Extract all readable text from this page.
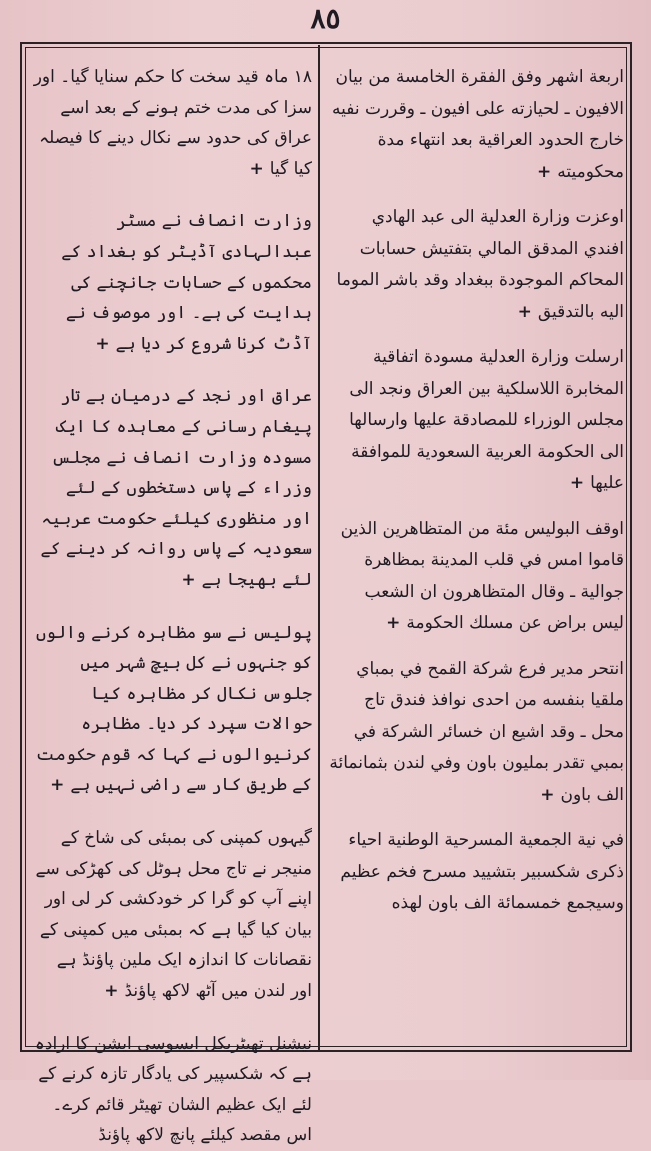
٨٥

۱۸ ماہ قید سخت کا حکم سنایا گیا۔ اور سزا کی مدت ختم ہونے کے بعد اسے عراق کی حدود سے نکال دینے کا فیصلہ کیا گیا+

وزارت انصاف نے مسٹر عبدالہادی آڈیٹر کو بغداد کے محکموں کے حسابات جانچنے کی ہدایت کی ہے۔ اور موصوف نے آڈٹ کرنا شروع کر دیا ہے+

عراق اور نجد کے درمیان بے تار پیغام رسانی کے معاہدہ کا ایک مسودہ وزارت انصاف نے مجلس وزراء کے پاس دستخطوں کے لئے اور منظوری کیلئے حکومت عربیہ سعودیہ کے پاس روانہ کر دینے کے لئے بھیجا ہے+

پولیس نے سو مظاہرہ کرنے والوں کو جنہوں نے کل بیچ شہر میں جلوس نکال کر مظاہرہ کیا حوالات سپرد کر دیا۔ مظاہرہ کرنیوالوں نے کہا کہ قوم حکومت کے طریق کار سے راضی نہیں ہے+

گیہوں کمپنی کی بمبئی کی شاخ کے منیجر نے تاج محل ہوٹل کی کھڑکی سے اپنے آپ کو گرا کر خودکشی کر لی اور بیان کیا گیا ہے کہ بمبئی میں کمپنی کے نقصانات کا اندازہ ایک ملین پاؤنڈ ہے اور لندن میں آٹھ لاکھ پاؤنڈ+

نیشنل تھیٹریکل ایسوسی ایشن کا ارادہ ہے کہ شکسپیر کی یادگار تازہ کرنے کے لئے ایک عظیم الشان تھیٹر قائم کرے۔ اس مقصد کیلئے پانچ لاکھ پاؤنڈ

اربعة اشهر وفق الفقرة الخامسة من بيان الافيون ـ لحيازته على افيون ـ وقررت نفيه خارج الحدود العراقية بعد انتهاء مدة محكوميته+

اوعزت وزارة العدلية الى عبد الهادي افندي المدقق المالي بتفتيش حسابات المحاكم الموجودة ببغداد وقد باشر الموما اليه بالتدقيق+

ارسلت وزارة العدلية مسودة اتفاقية المخابرة اللاسلكية بين العراق ونجد الى مجلس الوزراء للمصادقة عليها وارسالها الى الحكومة العربية السعودية للموافقة عليها+

اوقف البوليس مئة من المتظاهرين الذين قاموا امس في قلب المدينة بمظاهرة جوالية ـ وقال المتظاهرون ان الشعب ليس براض عن مسلك الحكومة+

انتحر مدير فرع شركة القمح في بمباي ملقيا بنفسه من احدى نوافذ فندق تاج محل ـ وقد اشيع ان خسائر الشركة في بمبي تقدر بمليون باون وفي لندن بثمانمائة الف باون+

في نية الجمعية المسرحية الوطنية احياء ذكرى شكسبير بتشييد مسرح فخم عظيم وسيجمع خمسمائة الف باون لهذه
